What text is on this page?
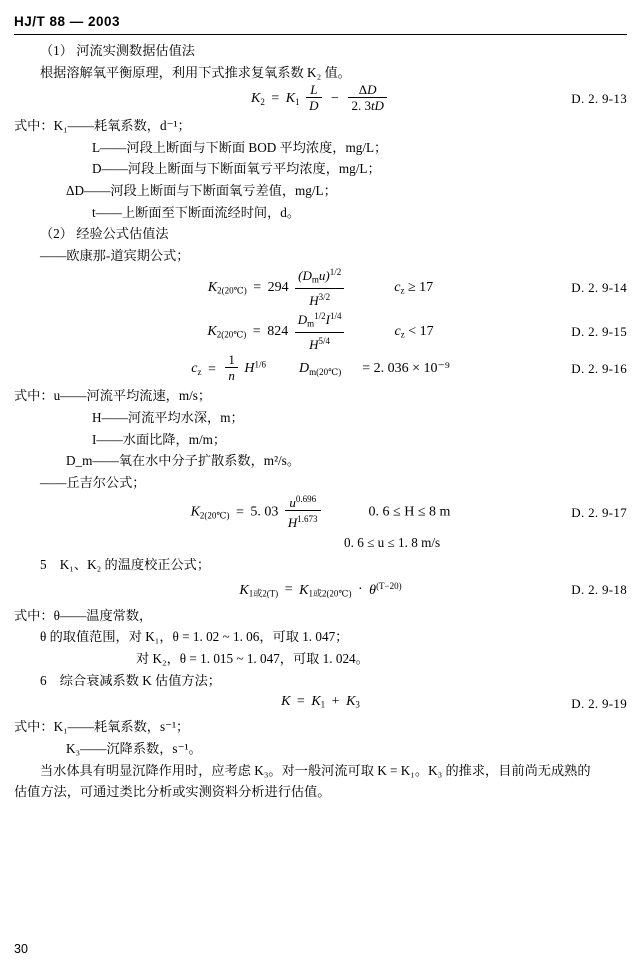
HJ/T 88 — 2003
（1） 河流实测数据估值法
根据溶解氧平衡原理，利用下式推求复氧系数 K₂ 值。
$K_2 = K_1 \frac{L}{D} - \frac{\Delta D}{2. 3tD}$	D. 2. 9-13
式中：K₁——耗氧系数，d⁻¹；
L——河段上断面与下断面 BOD 平均浓度，mg/L；
D——河段上断面与下断面氧亏平均浓度，mg/L；
ΔD——河段上断面与下断面氧亏差值，mg/L；
t——上断面至下断面流经时间，d。
（2） 经验公式估值法
——欧康那-道宾期公式；
$K_{2(20℃)} = 294 \frac{(D_mu)^{1/2}}{H^{3/2}}$	$c_z \ge 17$	D. 2. 9-14
$K_{2(20℃)} = 824 \frac{D_m^{1/2}I^{1/4}}{H^{5/4}}$	$c_z < 17$	D. 2. 9-15
$c_z = \frac{1}{n} H^{1/6}$ $D_{m(20℃)} = 2$. 036 × 10⁻⁹	D. 2. 9-16
式中：u——河流平均流速，m/s；
H——河流平均水深，m；
I——水面比降，m/m；
D_m——氧在水中分子扩散系数，m²/s。
——丘吉尔公式；
$K_{2(20℃)} = 5$. $03 \frac{u^{0.696}}{H^{1.673}}$	0. 6 ≤ H ≤ 8 m	D. 2. 9-17
0. 6 ≤ u ≤ 1. 8 m/s
5　K₁、K₂ 的温度校正公式；
$K_{1或2(T)} = K_{1或2(20℃)} \cdot \theta^{(T-20)}$	D. 2. 9-18
式中：θ——温度常数，
θ 的取值范围，对 K₁，θ = 1. 02 ~ 1. 06，可取 1. 047；
对 K₂，θ = 1. 015 ~ 1. 047，可取 1. 024。
6　综合衰减系数 K 估值方法；
$K = K_1 + K_3$	D. 2. 9-19
式中：K₁——耗氧系数，s⁻¹；
K₃——沉降系数，s⁻¹。
当水体具有明显沉降作用时，应考虑 K₃。对一般河流可取 K = K₁。K₃ 的推求，目前尚无成熟的
估值方法，可通过类比分析或实测资料分析进行估值。
30
